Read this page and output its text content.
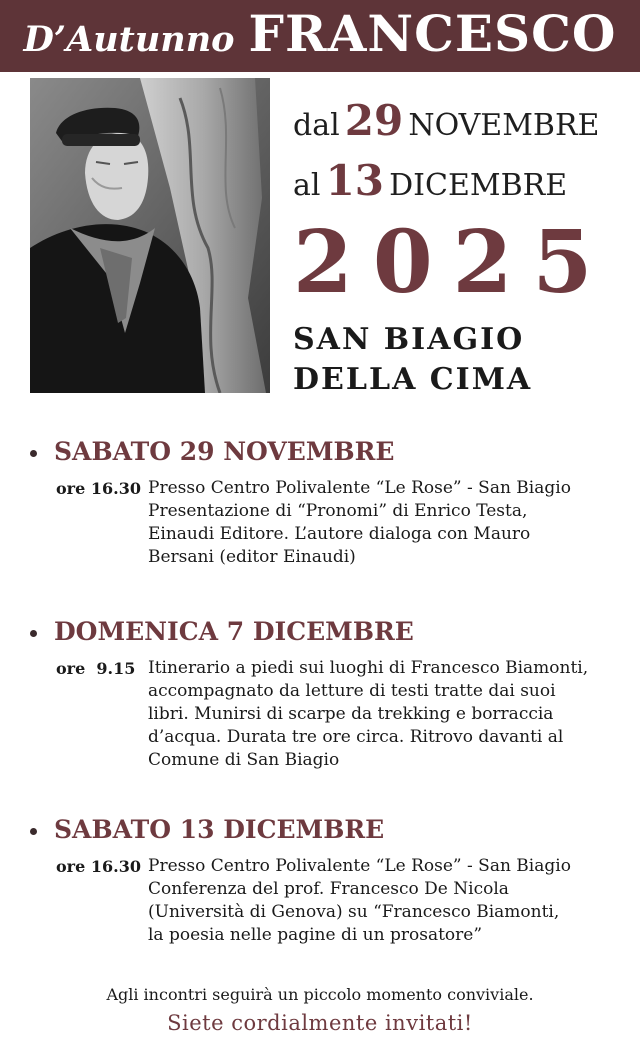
D’Autunno FRANCESCO
dal 29 NOVEMBRE
al 13 DICEMBRE
2025
SAN BIAGIO
DELLA CIMA
SABATO 29 NOVEMBRE
ore 16.30 Presso Centro Polivalente “Le Rose” - San Biagio
Presentazione di “Pronomi” di Enrico Testa,
Einaudi Editore. L’autore dialoga con Mauro
Bersani (editor Einaudi)
DOMENICA 7 DICEMBRE
ore  9.15 Itinerario a piedi sui luoghi di Francesco Biamonti,
accompagnato da letture di testi tratte dai suoi
libri. Munirsi di scarpe da trekking e borraccia
d’acqua. Durata tre ore circa. Ritrovo davanti al
Comune di San Biagio
SABATO 13 DICEMBRE
ore 16.30 Presso Centro Polivalente “Le Rose” - San Biagio
Conferenza del prof. Francesco De Nicola
(Università di Genova) su “Francesco Biamonti,
la poesia nelle pagine di un prosatore”
Agli incontri seguirà un piccolo momento conviviale.
Siete cordialmente invitati!
